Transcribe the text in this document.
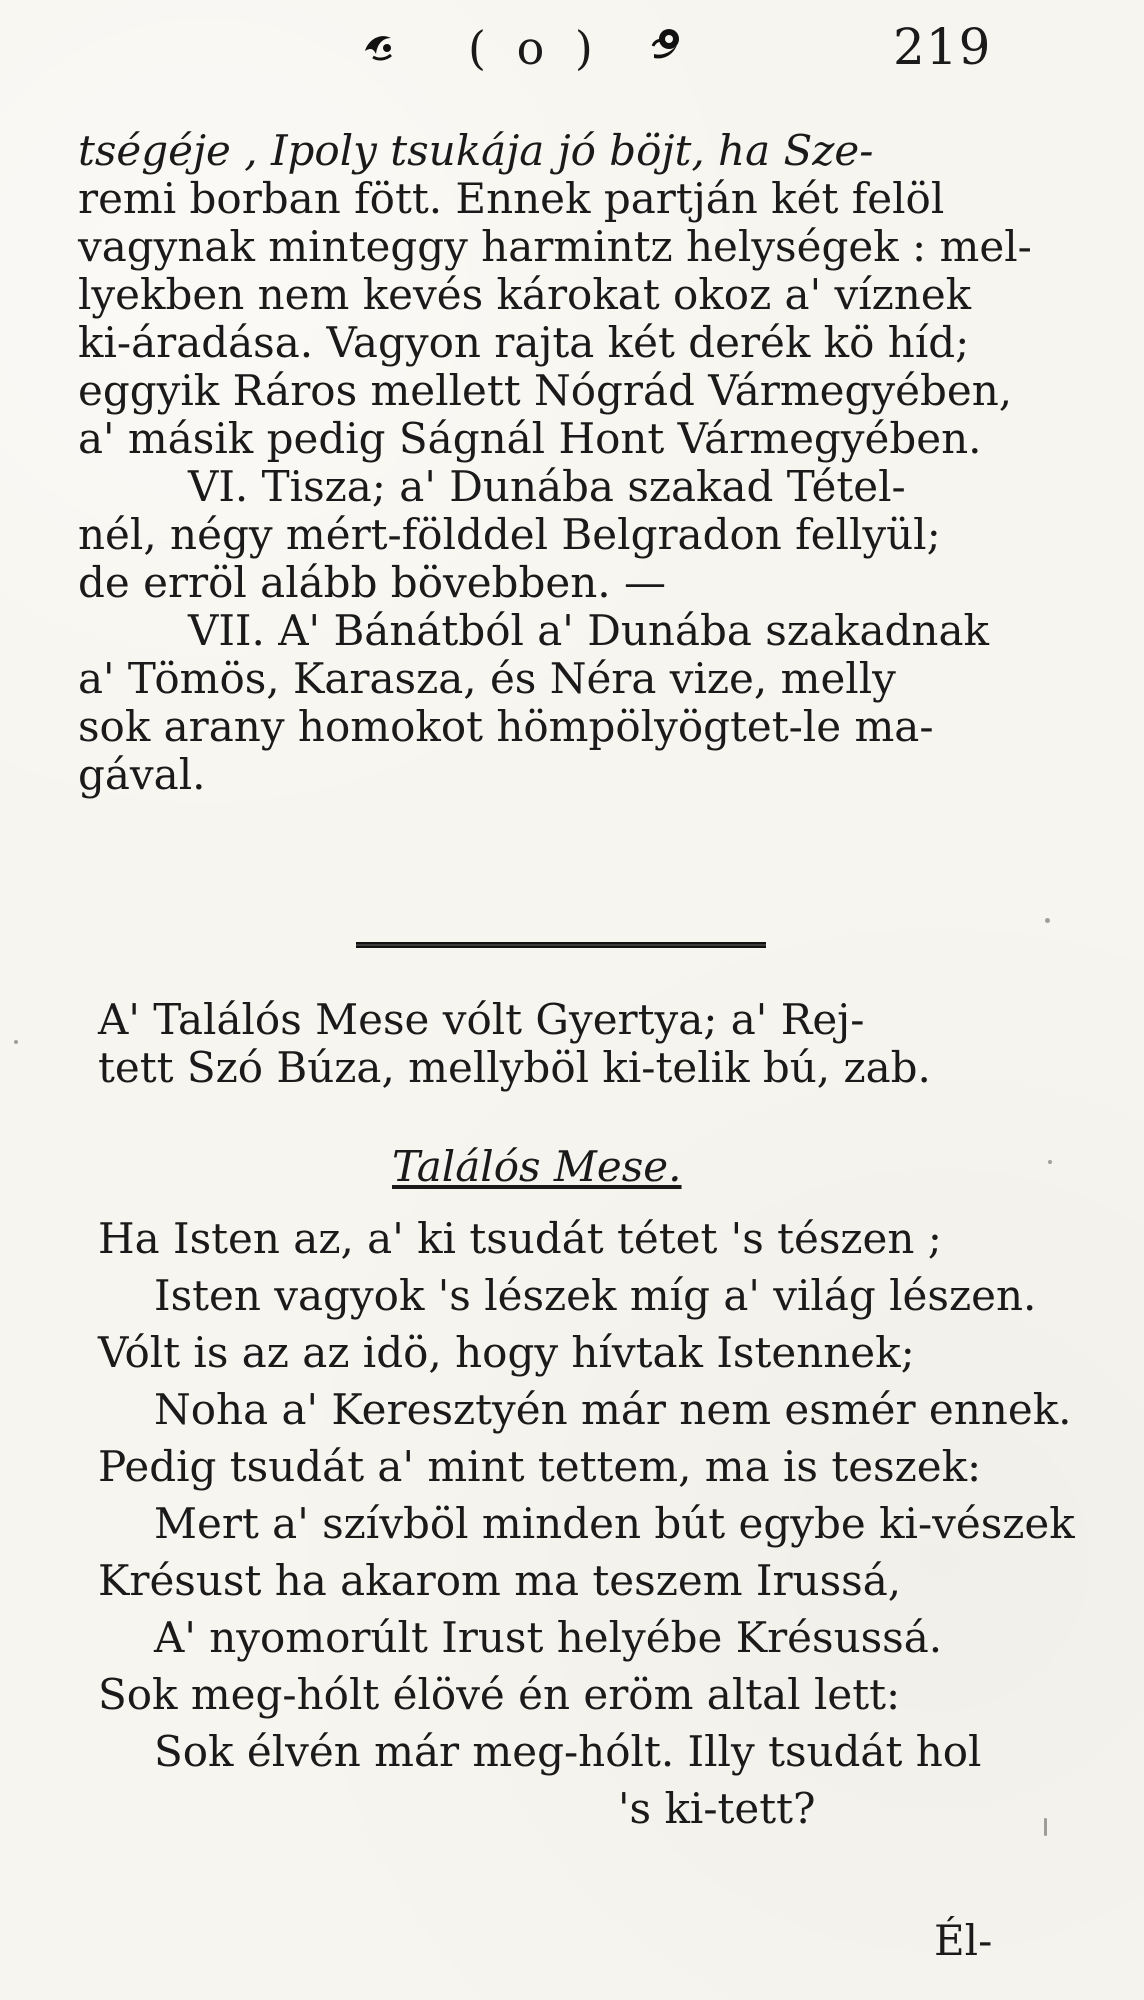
( o )	219
tségéje , Ipoly tsukája jó böjt, ha Sze-
remi borban fött. Ennek partján két felöl
vagynak minteggy harmintz helységek : mel-
lyekben nem kevés károkat okoz a' víznek
ki-áradása. Vagyon rajta két derék kö híd;
eggyik Ráros mellett Nógrád Vármegyében,
a' másik pedig Ságnál Hont Vármegyében.
VI. Tisza; a' Dunába szakad Tétel-
nél, négy mért-földdel Belgradon fellyül;
de erröl alább bövebben. —
VII. A' Bánátból a' Dunába szakadnak
a' Tömös, Karasza, és Néra vize, melly
sok arany homokot hömpölyögtet-le ma-
gával.
A' Találós Mese vólt Gyertya; a' Rej-
tett Szó Búza, mellyböl ki-telik bú, zab.
Találós Mese.
Ha Isten az, a' ki tsudát tétet 's tészen ;
Isten vagyok 's lészek míg a' világ lészen.
Vólt is az az idö, hogy hívtak Istennek;
Noha a' Keresztyén már nem esmér ennek.
Pedig tsudát a' mint tettem, ma is teszek:
Mert a' szívböl minden bút egybe ki-vészek
Krésust ha akarom ma teszem Irussá,
A' nyomorúlt Irust helyébe Krésussá.
Sok meg-hólt élövé én eröm altal lett:
Sok élvén már meg-hólt. Illy tsudát hol
's ki-tett?
Él-
